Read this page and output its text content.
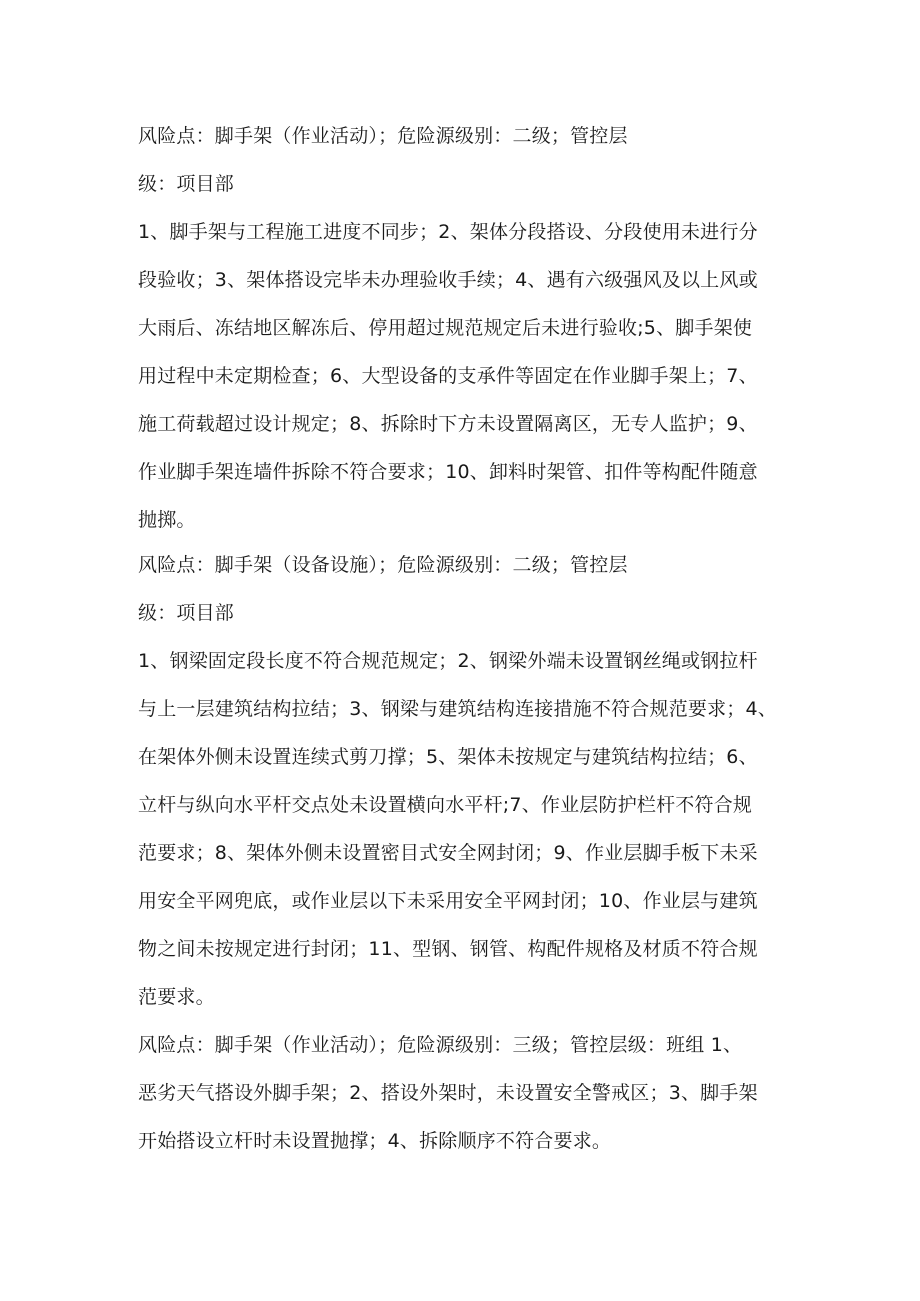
风险点：脚手架（作业活动）；危险源级别：二级；管控层
级：项目部
1、脚手架与工程施工进度不同步；2、架体分段搭设、分段使用未进行分
段验收；3、架体搭设完毕未办理验收手续；4、遇有六级强风及以上风或
大雨后、冻结地区解冻后、停用超过规范规定后未进行验收;5、脚手架使
用过程中未定期检查；6、大型设备的支承件等固定在作业脚手架上；7、
施工荷载超过设计规定；8、拆除时下方未设置隔离区，无专人监护；9、
作业脚手架连墙件拆除不符合要求；10、卸料时架管、扣件等构配件随意
抛掷。
风险点：脚手架（设备设施）；危险源级别：二级；管控层
级：项目部
1、钢梁固定段长度不符合规范规定；2、钢梁外端未设置钢丝绳或钢拉杆
与上一层建筑结构拉结；3、钢梁与建筑结构连接措施不符合规范要求；4、
在架体外侧未设置连续式剪刀撑；5、架体未按规定与建筑结构拉结；6、
立杆与纵向水平杆交点处未设置横向水平杆;7、作业层防护栏杆不符合规
范要求；8、架体外侧未设置密目式安全网封闭；9、作业层脚手板下未采
用安全平网兜底，或作业层以下未采用安全平网封闭；10、作业层与建筑
物之间未按规定进行封闭；11、型钢、钢管、构配件规格及材质不符合规
范要求。
风险点：脚手架（作业活动）；危险源级别：三级；管控层级：班组 1、
恶劣天气搭设外脚手架；2、搭设外架时，未设置安全警戒区；3、脚手架
开始搭设立杆时未设置抛撑；4、拆除顺序不符合要求。
